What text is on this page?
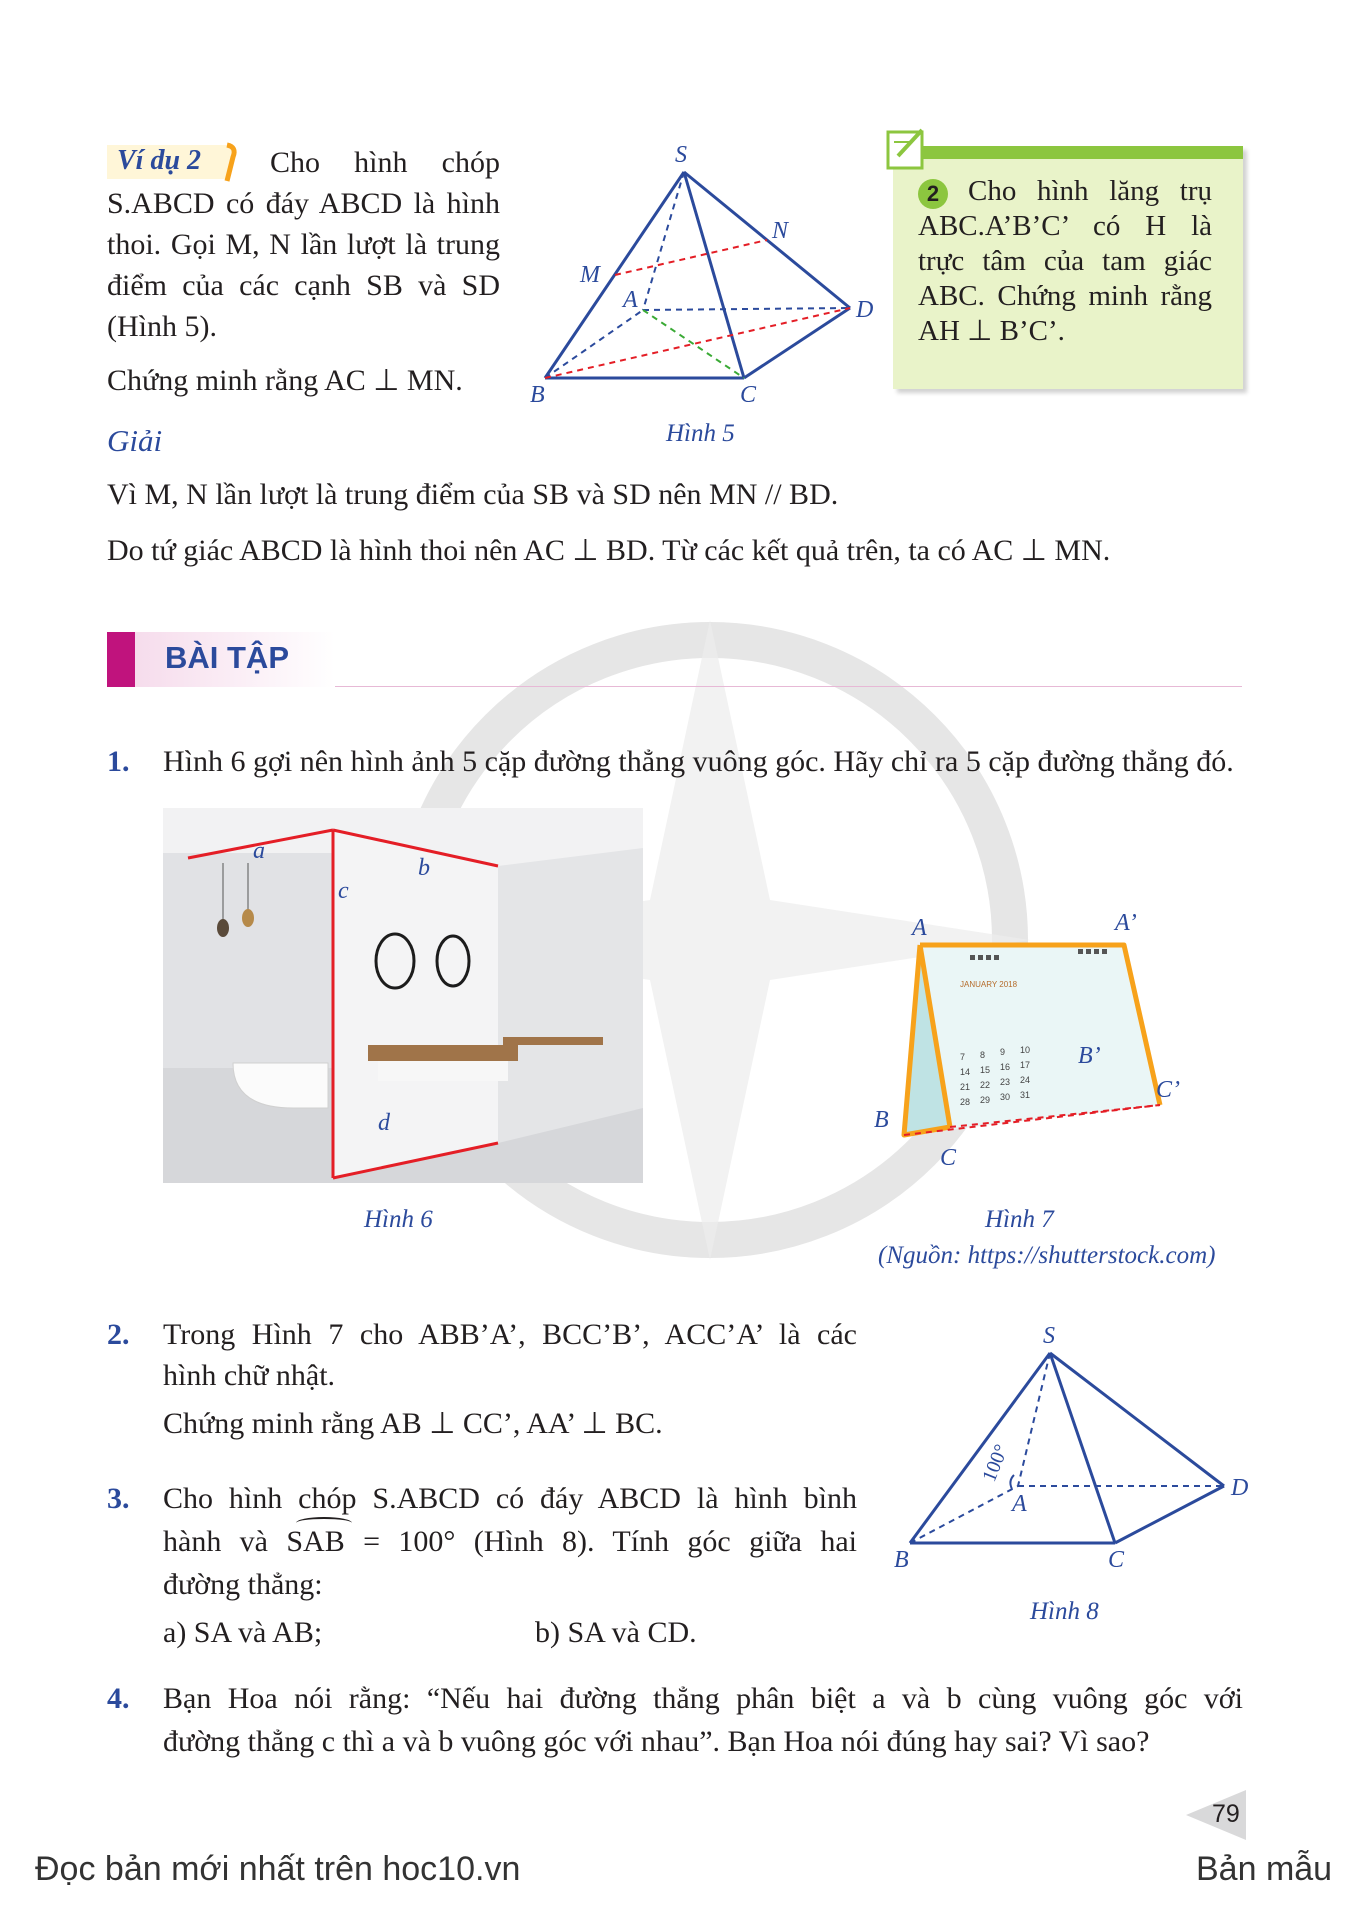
Ví dụ 2 Cho hình chóp
S.ABCD có đáy ABCD là hình
thoi. Gọi M, N lần lượt là trung
điểm của các cạnh SB và SD
(Hình 5).
Chứng minh rằng AC ⊥ MN.
Giải
Vì M, N lần lượt là trung điểm của SB và SD nên MN // BD.
Do tứ giác ABCD là hình thoi nên AC ⊥ BD. Từ các kết quả trên, ta có AC ⊥ MN.
S
N
M
A	D
B	C
Hình 5
2 Cho hình lăng trụ
ABC.A’B’C’ có H là
trực tâm của tam giác
ABC. Chứng minh rằng
AH ⊥ B’C’.
BÀI TẬP
1. Hình 6 gợi nên hình ảnh 5 cặp đường thẳng vuông góc. Hãy chỉ ra 5 cặp đường thẳng đó.
a
b
c
d
Hình 6
JANUARY 2018
7 8 9 10
14 15 16 17
21 22 23 24
28 29 30 31
A	A’
B
B’
C
C’
Hình 7
(Nguồn: https://shutterstock.com)
2. Trong Hình 7 cho ABB’A’, BCC’B’, ACC’A’ là các
hình chữ nhật.
Chứng minh rằng AB ⊥ CC’, AA’ ⊥ BC.
3. Cho hình chóp S.ABCD có đáy ABCD là hình bình
hành và SAB = 100° (Hình 8). Tính góc giữa hai
đường thẳng:
a) SA và AB;	b) SA và CD.
100°
S
A
D
B	C
Hình 8
4. Bạn Hoa nói rằng: “Nếu hai đường thẳng phân biệt a và b cùng vuông góc với
đường thẳng c thì a và b vuông góc với nhau”. Bạn Hoa nói đúng hay sai? Vì sao?
79
Đọc bản mới nhất trên hoc10.vn	Bản mẫu
